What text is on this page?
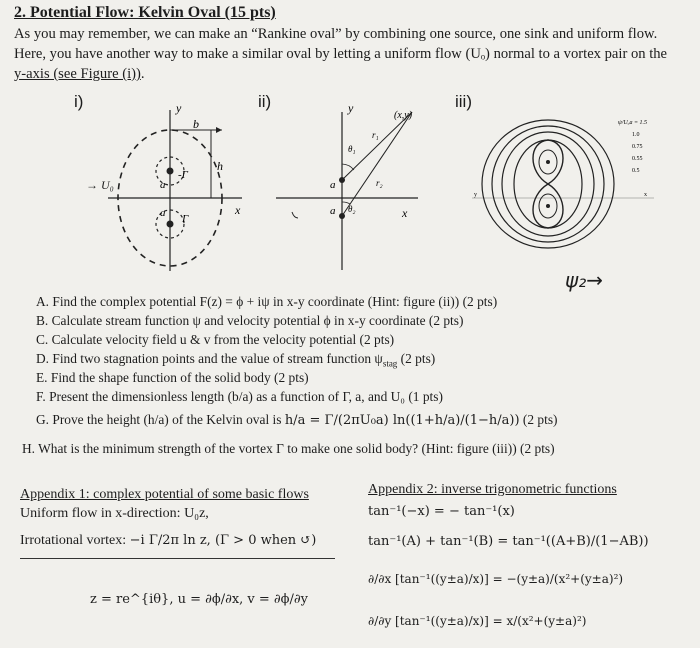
2. Potential Flow: Kelvin Oval (15 pts)
As you may remember, we can make an “Rankine oval” by combining one source, one sink and uniform flow.
Here, you have another way to make a similar oval by letting a uniform flow (Uₒ) normal to a vortex pair on the
y-axis (see Figure (i)).
i)	ii)	iii)
y
x
b
h
a
a
-Γ
Γ
→ U₀
y
x
(x,y)
r₁
r₂
θ₁
θ₂
a
a
ψ/Uₒa = 1.5
1.0
0.75
0.55
0.5
x
y
ψ₂→
A. Find the complex potential F(z) = ϕ + iψ in x-y coordinate (Hint: figure (ii)) (2 pts)
B. Calculate stream function ψ and velocity potential ϕ in x-y coordinate (2 pts)
C. Calculate velocity field u & v from the velocity potential (2 pts)
D. Find two stagnation points and the value of stream function $\psi_{stag}$ (2 pts)
E. Find the shape function of the solid body (2 pts)
F. Present the dimensionless length (b/a) as a function of Γ, a, and U₀ (1 pts)
G. Prove the height (h/a) of the Kelvin oval is h/a = Γ/(2πU₀a) ln((1+h/a)/(1−h/a)) (2 pts)
H. What is the minimum strength of the vortex Γ to make one solid body? (Hint: figure (iii)) (2 pts)
Appendix 1: complex potential of some basic flows
Uniform flow in x-direction: U₀z,
Irrotational vortex: −i Γ/2π ln z, (Γ > 0 when ↺)
z = re^{iθ}, u = ∂ϕ/∂x, v = ∂ϕ/∂y
Appendix 2: inverse trigonometric functions
tan⁻¹(−x) = − tan⁻¹(x)
tan⁻¹(A) + tan⁻¹(B) = tan⁻¹((A+B)/(1−AB))
∂/∂x [tan⁻¹((y±a)/x)] = −(y±a)/(x²+(y±a)²)
∂/∂y [tan⁻¹((y±a)/x)] = x/(x²+(y±a)²)
